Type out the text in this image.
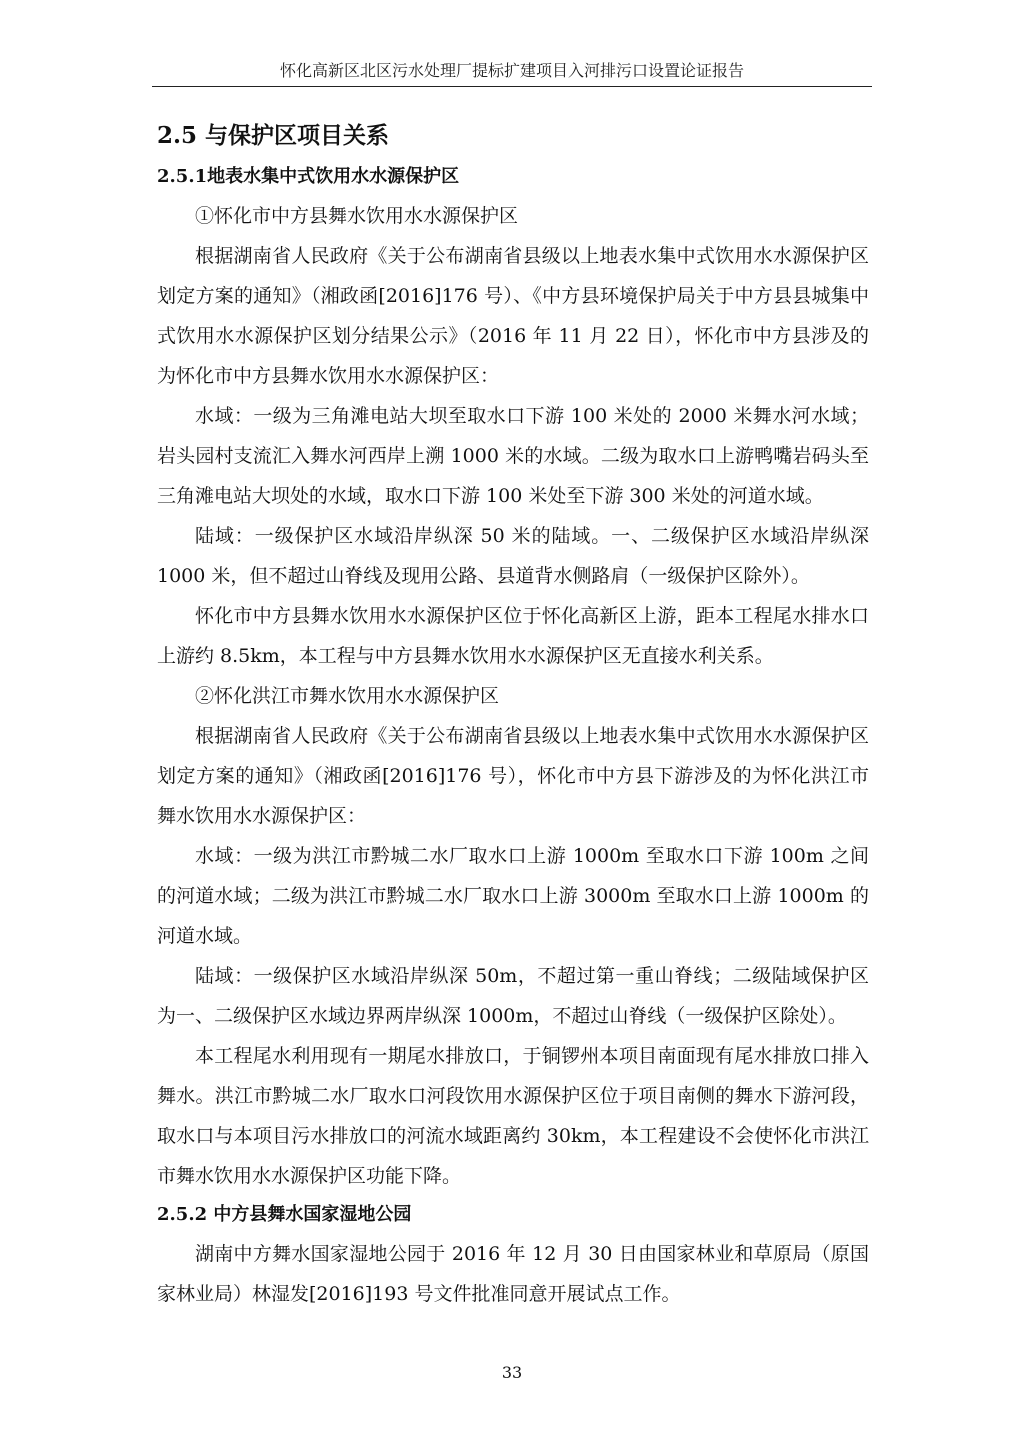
怀化高新区北区污水处理厂提标扩建项目入河排污口设置论证报告
2.5 与保护区项目关系
2.5.1地表水集中式饮用水水源保护区

①怀化市中方县舞水饮用水水源保护区

根据湖南省人民政府《关于公布湖南省县级以上地表水集中式饮用水水源保护区划定方案的通知》（湘政函[2016]176 号）、《中方县环境保护局关于中方县县城集中式饮用水水源保护区划分结果公示》（2016 年 11 月 22 日），怀化市中方县涉及的为怀化市中方县舞水饮用水水源保护区：

水域：一级为三角滩电站大坝至取水口下游 100 米处的 2000 米舞水河水域；岩头园村支流汇入舞水河西岸上溯 1000 米的水域。二级为取水口上游鸭嘴岩码头至三角滩电站大坝处的水域，取水口下游 100 米处至下游 300 米处的河道水域。

陆域：一级保护区水域沿岸纵深 50 米的陆域。一、二级保护区水域沿岸纵深 1000 米，但不超过山脊线及现用公路、县道背水侧路肩（一级保护区除外）。

怀化市中方县舞水饮用水水源保护区位于怀化高新区上游，距本工程尾水排水口上游约 8.5km，本工程与中方县舞水饮用水水源保护区无直接水利关系。

②怀化洪江市舞水饮用水水源保护区

根据湖南省人民政府《关于公布湖南省县级以上地表水集中式饮用水水源保护区划定方案的通知》（湘政函[2016]176 号），怀化市中方县下游涉及的为怀化洪江市舞水饮用水水源保护区：

水域：一级为洪江市黔城二水厂取水口上游 1000m 至取水口下游 100m 之间的河道水域；二级为洪江市黔城二水厂取水口上游 3000m 至取水口上游 1000m 的河道水域。

陆域：一级保护区水域沿岸纵深 50m，不超过第一重山脊线；二级陆域保护区为一、二级保护区水域边界两岸纵深 1000m，不超过山脊线（一级保护区除处）。

本工程尾水利用现有一期尾水排放口，于铜锣州本项目南面现有尾水排放口排入舞水。洪江市黔城二水厂取水口河段饮用水源保护区位于项目南侧的舞水下游河段，取水口与本项目污水排放口的河流水域距离约 30km，本工程建设不会使怀化市洪江市舞水饮用水水源保护区功能下降。

2.5.2 中方县舞水国家湿地公园

湖南中方舞水国家湿地公园于 2016 年 12 月 30 日由国家林业和草原局（原国家林业局）林湿发[2016]193 号文件批准同意开展试点工作。

33
